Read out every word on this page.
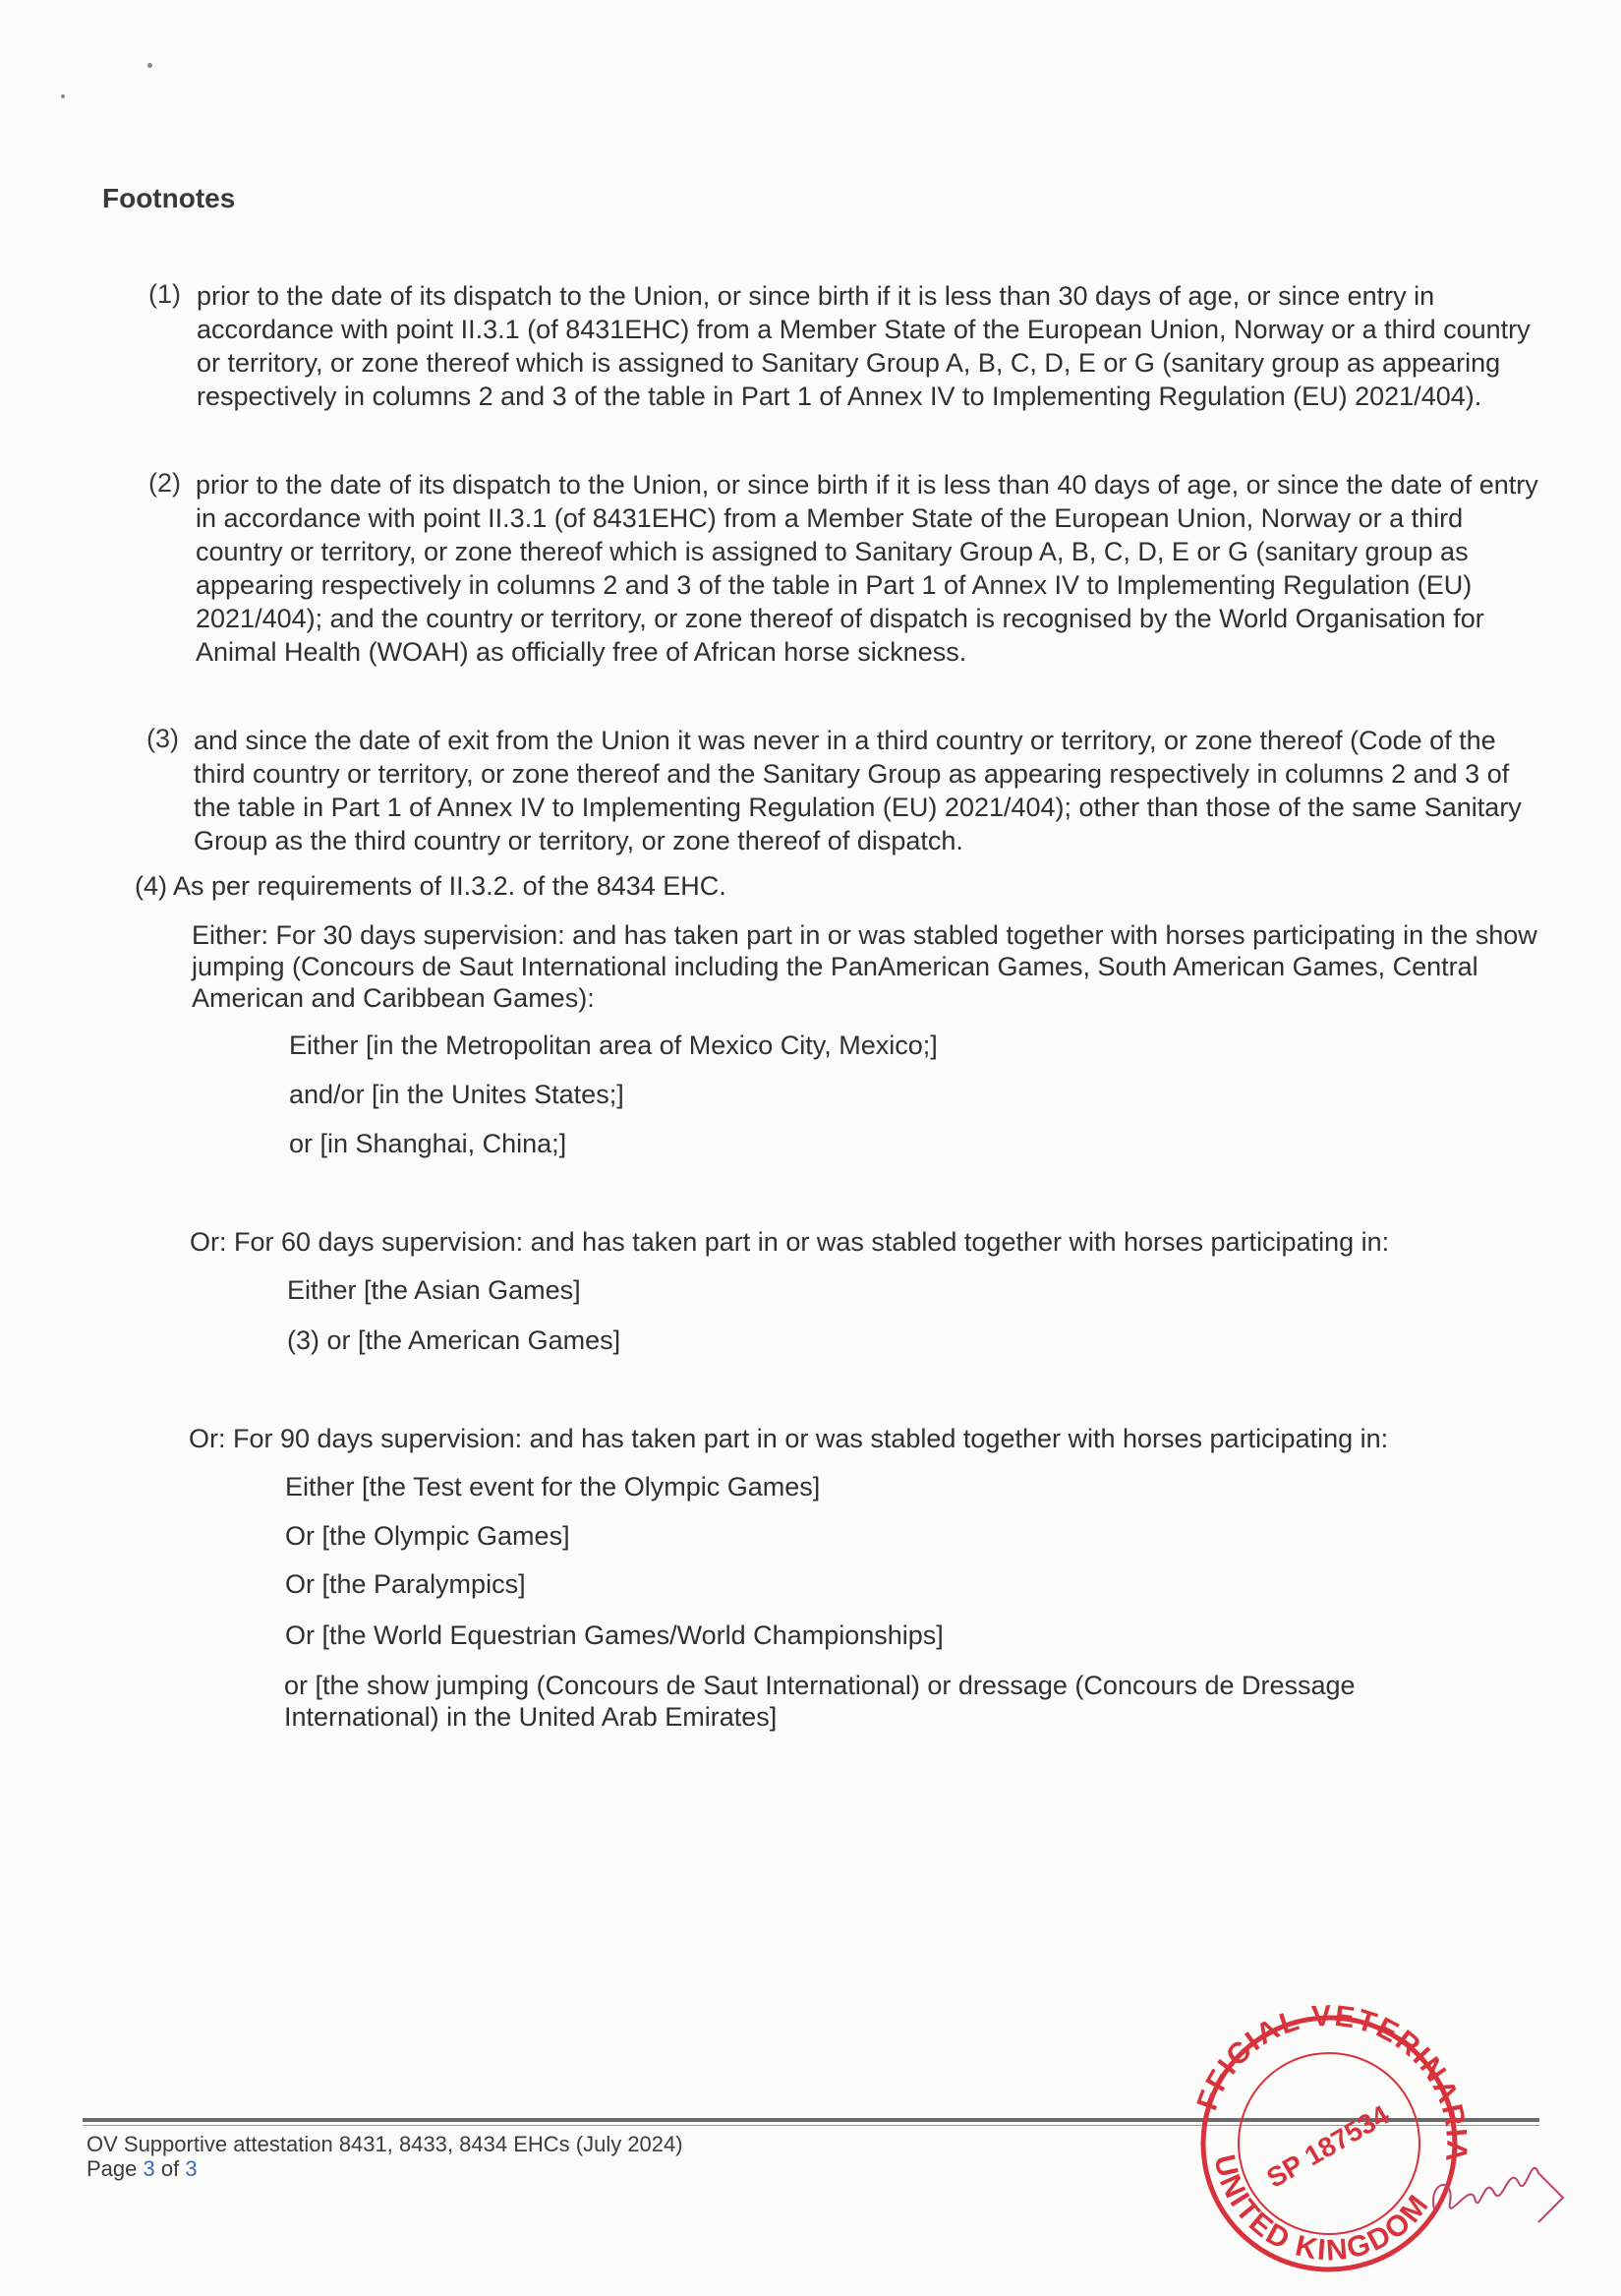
Footnotes
(1) prior to the date of its dispatch to the Union, or since birth if it is less than 30 days of age, or since entry in accordance with point II.3.1 (of 8431EHC) from a Member State of the European Union, Norway or a third country or territory, or zone thereof which is assigned to Sanitary Group A, B, C, D, E or G (sanitary group as appearing respectively in columns 2 and 3 of the table in Part 1 of Annex IV to Implementing Regulation (EU) 2021/404).
(2) prior to the date of its dispatch to the Union, or since birth if it is less than 40 days of age, or since the date of entry in accordance with point II.3.1 (of 8431EHC) from a Member State of the European Union, Norway or a third country or territory, or zone thereof which is assigned to Sanitary Group A, B, C, D, E or G (sanitary group as appearing respectively in columns 2 and 3 of the table in Part 1 of Annex IV to Implementing Regulation (EU) 2021/404); and the country or territory, or zone thereof of dispatch is recognised by the World Organisation for Animal Health (WOAH) as officially free of African horse sickness.
(3) and since the date of exit from the Union it was never in a third country or territory, or zone thereof (Code of the third country or territory, or zone thereof and the Sanitary Group as appearing respectively in columns 2 and 3 of the table in Part 1 of Annex IV to Implementing Regulation (EU) 2021/404); other than those of the same Sanitary Group as the third country or territory, or zone thereof of dispatch.
(4) As per requirements of II.3.2. of the 8434 EHC.
Either: For 30 days supervision: and has taken part in or was stabled together with horses participating in the show jumping (Concours de Saut International including the PanAmerican Games, South American Games, Central American and Caribbean Games):
Either [in the Metropolitan area of Mexico City, Mexico;]
and/or [in the Unites States;]
or [in Shanghai, China;]
Or: For 60 days supervision: and has taken part in or was stabled together with horses participating in:
Either [the Asian Games]
(3) or [the American Games]
Or: For 90 days supervision: and has taken part in or was stabled together with horses participating in:
Either [the Test event for the Olympic Games]
Or [the Olympic Games]
Or [the Paralympics]
Or [the World Equestrian Games/World Championships]
or [the show jumping (Concours de Saut International) or dressage (Concours de Dressage International) in the United Arab Emirates]
OV Supportive attestation 8431, 8433, 8434 EHCs (July 2024)
Page 3 of 3
OFFICIAL VETERINARIAN
UNITED KINGDOM
SP 187534
